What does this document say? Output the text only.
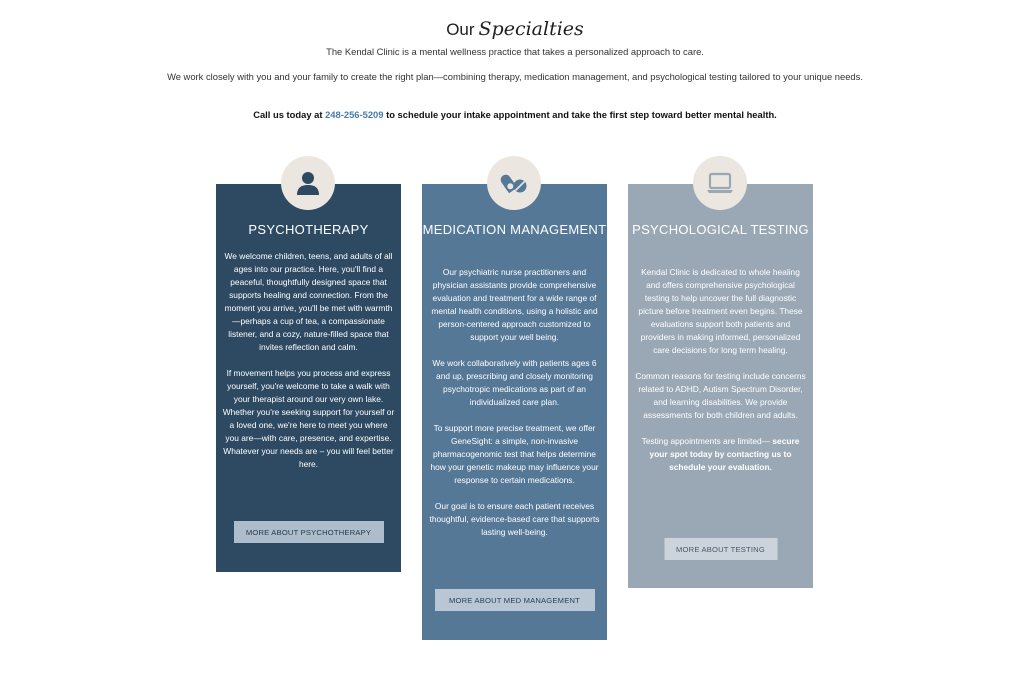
Our Specialties
The Kendal Clinic is a mental wellness practice that takes a personalized approach to care.
We work closely with you and your family to create the right plan—combining therapy, medication management, and psychological testing tailored to your unique needs.
Call us today at 248-256-5209 to schedule your intake appointment and take the first step toward better mental health.
PSYCHOTHERAPY

We welcome children, teens, and adults of all ages into our practice. Here, you'll find a peaceful, thoughtfully designed space that supports healing and connection. From the moment you arrive, you'll be met with warmth—perhaps a cup of tea, a compassionate listener, and a cozy, nature-filled space that invites reflection and calm.

If movement helps you process and express yourself, you're welcome to take a walk with your therapist around our very own lake. Whether you're seeking support for yourself or a loved one, we're here to meet you where you are—with care, presence, and expertise. Whatever your needs are – you will feel better here.

MORE ABOUT PSYCHOTHERAPY
MEDICATION MANAGEMENT

Our psychiatric nurse practitioners and physician assistants provide comprehensive evaluation and treatment for a wide range of mental health conditions, using a holistic and person-centered approach customized to support your well being.

We work collaboratively with patients ages 6 and up, prescribing and closely monitoring psychotropic medications as part of an individualized care plan.

To support more precise treatment, we offer GeneSight: a simple, non-invasive pharmacogenomic test that helps determine how your genetic makeup may influence your response to certain medications.

Our goal is to ensure each patient receives thoughtful, evidence-based care that supports lasting well-being.

MORE ABOUT MED MANAGEMENT
PSYCHOLOGICAL TESTING

Kendal Clinic is dedicated to whole healing and offers comprehensive psychological testing to help uncover the full diagnostic picture before treatment even begins. These evaluations support both patients and providers in making informed, personalized care decisions for long term healing.

Common reasons for testing include concerns related to ADHD, Autism Spectrum Disorder, and learning disabilities. We provide assessments for both children and adults.

Testing appointments are limited— secure your spot today by contacting us to schedule your evaluation.

MORE ABOUT TESTING
